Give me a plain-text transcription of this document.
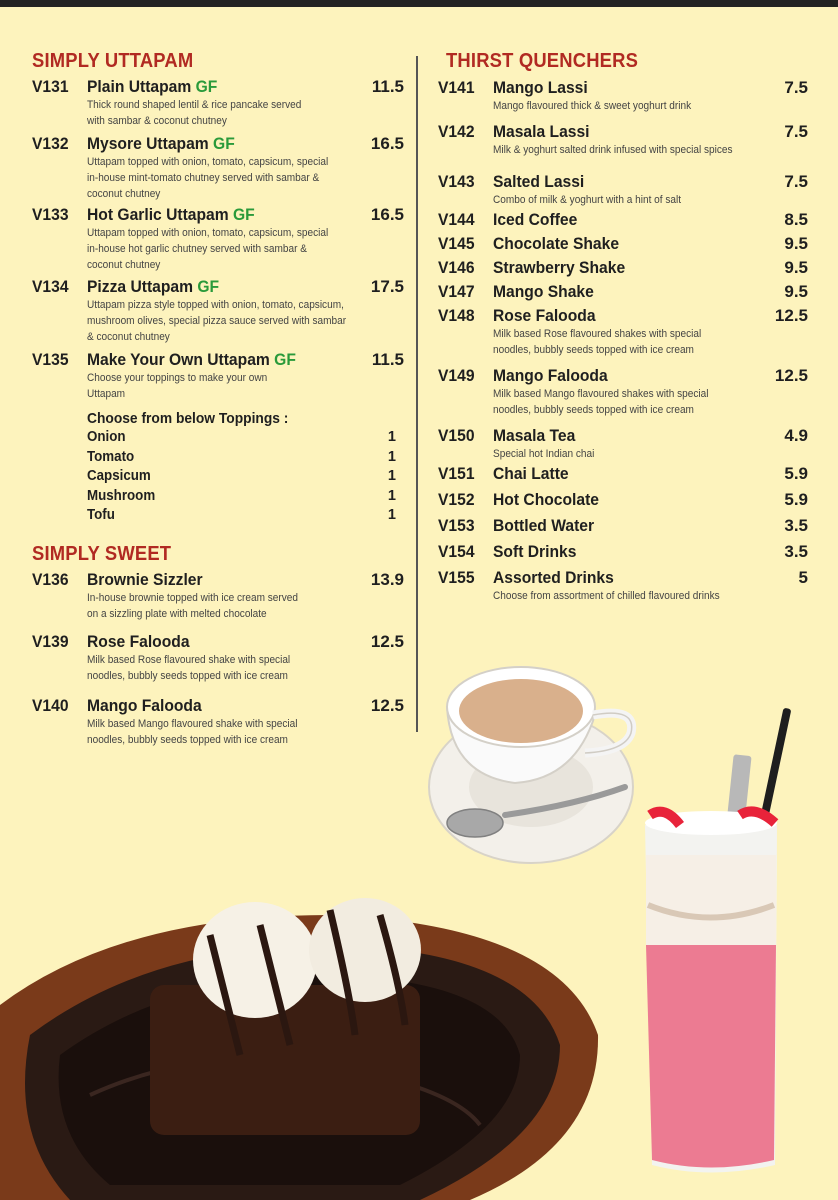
SIMPLY UTTAPAM
V131	Plain Uttapam GF	11.5
Thick round shaped lentil & rice pancake served
with sambar & coconut chutney
V132	Mysore Uttapam GF	16.5
Uttapam topped with onion, tomato, capsicum, special
in-house mint-tomato chutney served with sambar &
coconut chutney
V133	Hot Garlic Uttapam GF	16.5
Uttapam topped with onion, tomato, capsicum, special
in-house hot garlic chutney served with sambar &
coconut chutney
V134	Pizza Uttapam GF	17.5
Uttapam pizza style topped with onion, tomato, capsicum,
mushroom olives, special pizza sauce served with sambar
& coconut chutney
V135	Make Your Own Uttapam GF	11.5
Choose your toppings to make your own
Uttapam
Choose from below Toppings :
Onion	1
Tomato	1
Capsicum	1
Mushroom	1
Tofu	1
SIMPLY SWEET
V136	Brownie Sizzler	13.9
In-house brownie topped with ice cream served
on a sizzling plate with melted chocolate
V139	Rose Falooda	12.5
Milk based Rose flavoured shake with special
noodles, bubbly seeds topped with ice cream
V140	Mango Falooda	12.5
Milk based Mango flavoured shake with special
noodles, bubbly seeds topped with ice cream
THIRST QUENCHERS
V141	Mango Lassi	7.5
Mango flavoured thick & sweet yoghurt drink
V142	Masala Lassi	7.5
Milk & yoghurt salted drink infused with special spices
V143	Salted Lassi	7.5
Combo of milk & yoghurt with a hint of salt
V144	Iced Coffee	8.5
V145	Chocolate Shake	9.5
V146	Strawberry Shake	9.5
V147	Mango Shake	9.5
V148	Rose Falooda	12.5
Milk based Rose flavoured shakes with special
noodles, bubbly seeds topped with ice cream
V149	Mango Falooda	12.5
Milk based Mango flavoured shakes with special
noodles, bubbly seeds topped with ice cream
V150	Masala Tea	4.9
Special hot Indian chai
V151	Chai Latte	5.9
V152	Hot Chocolate	5.9
V153	Bottled Water	3.5
V154	Soft Drinks	3.5
V155	Assorted Drinks	5
Choose from assortment of chilled flavoured drinks
